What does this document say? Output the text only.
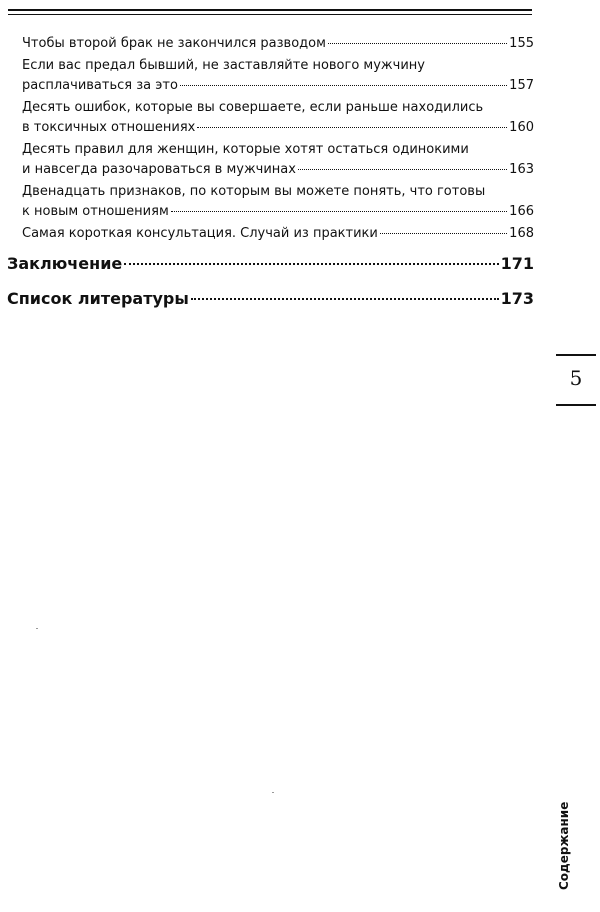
Чтобы второй брак не закончился разводом	155
Если вас предал бывший, не заставляйте нового мужчину
расплачиваться за это	157
Десять ошибок, которые вы совершаете, если раньше находились
в токсичных отношениях	160
Десять правил для женщин, которые хотят остаться одинокими
и навсегда разочароваться в мужчинах	163
Двенадцать признаков, по которым вы можете понять, что готовы
к новым отношениям	166
Самая короткая консультация. Случай из практики	168
Заключение	171
Список литературы	173
5
Содержание
